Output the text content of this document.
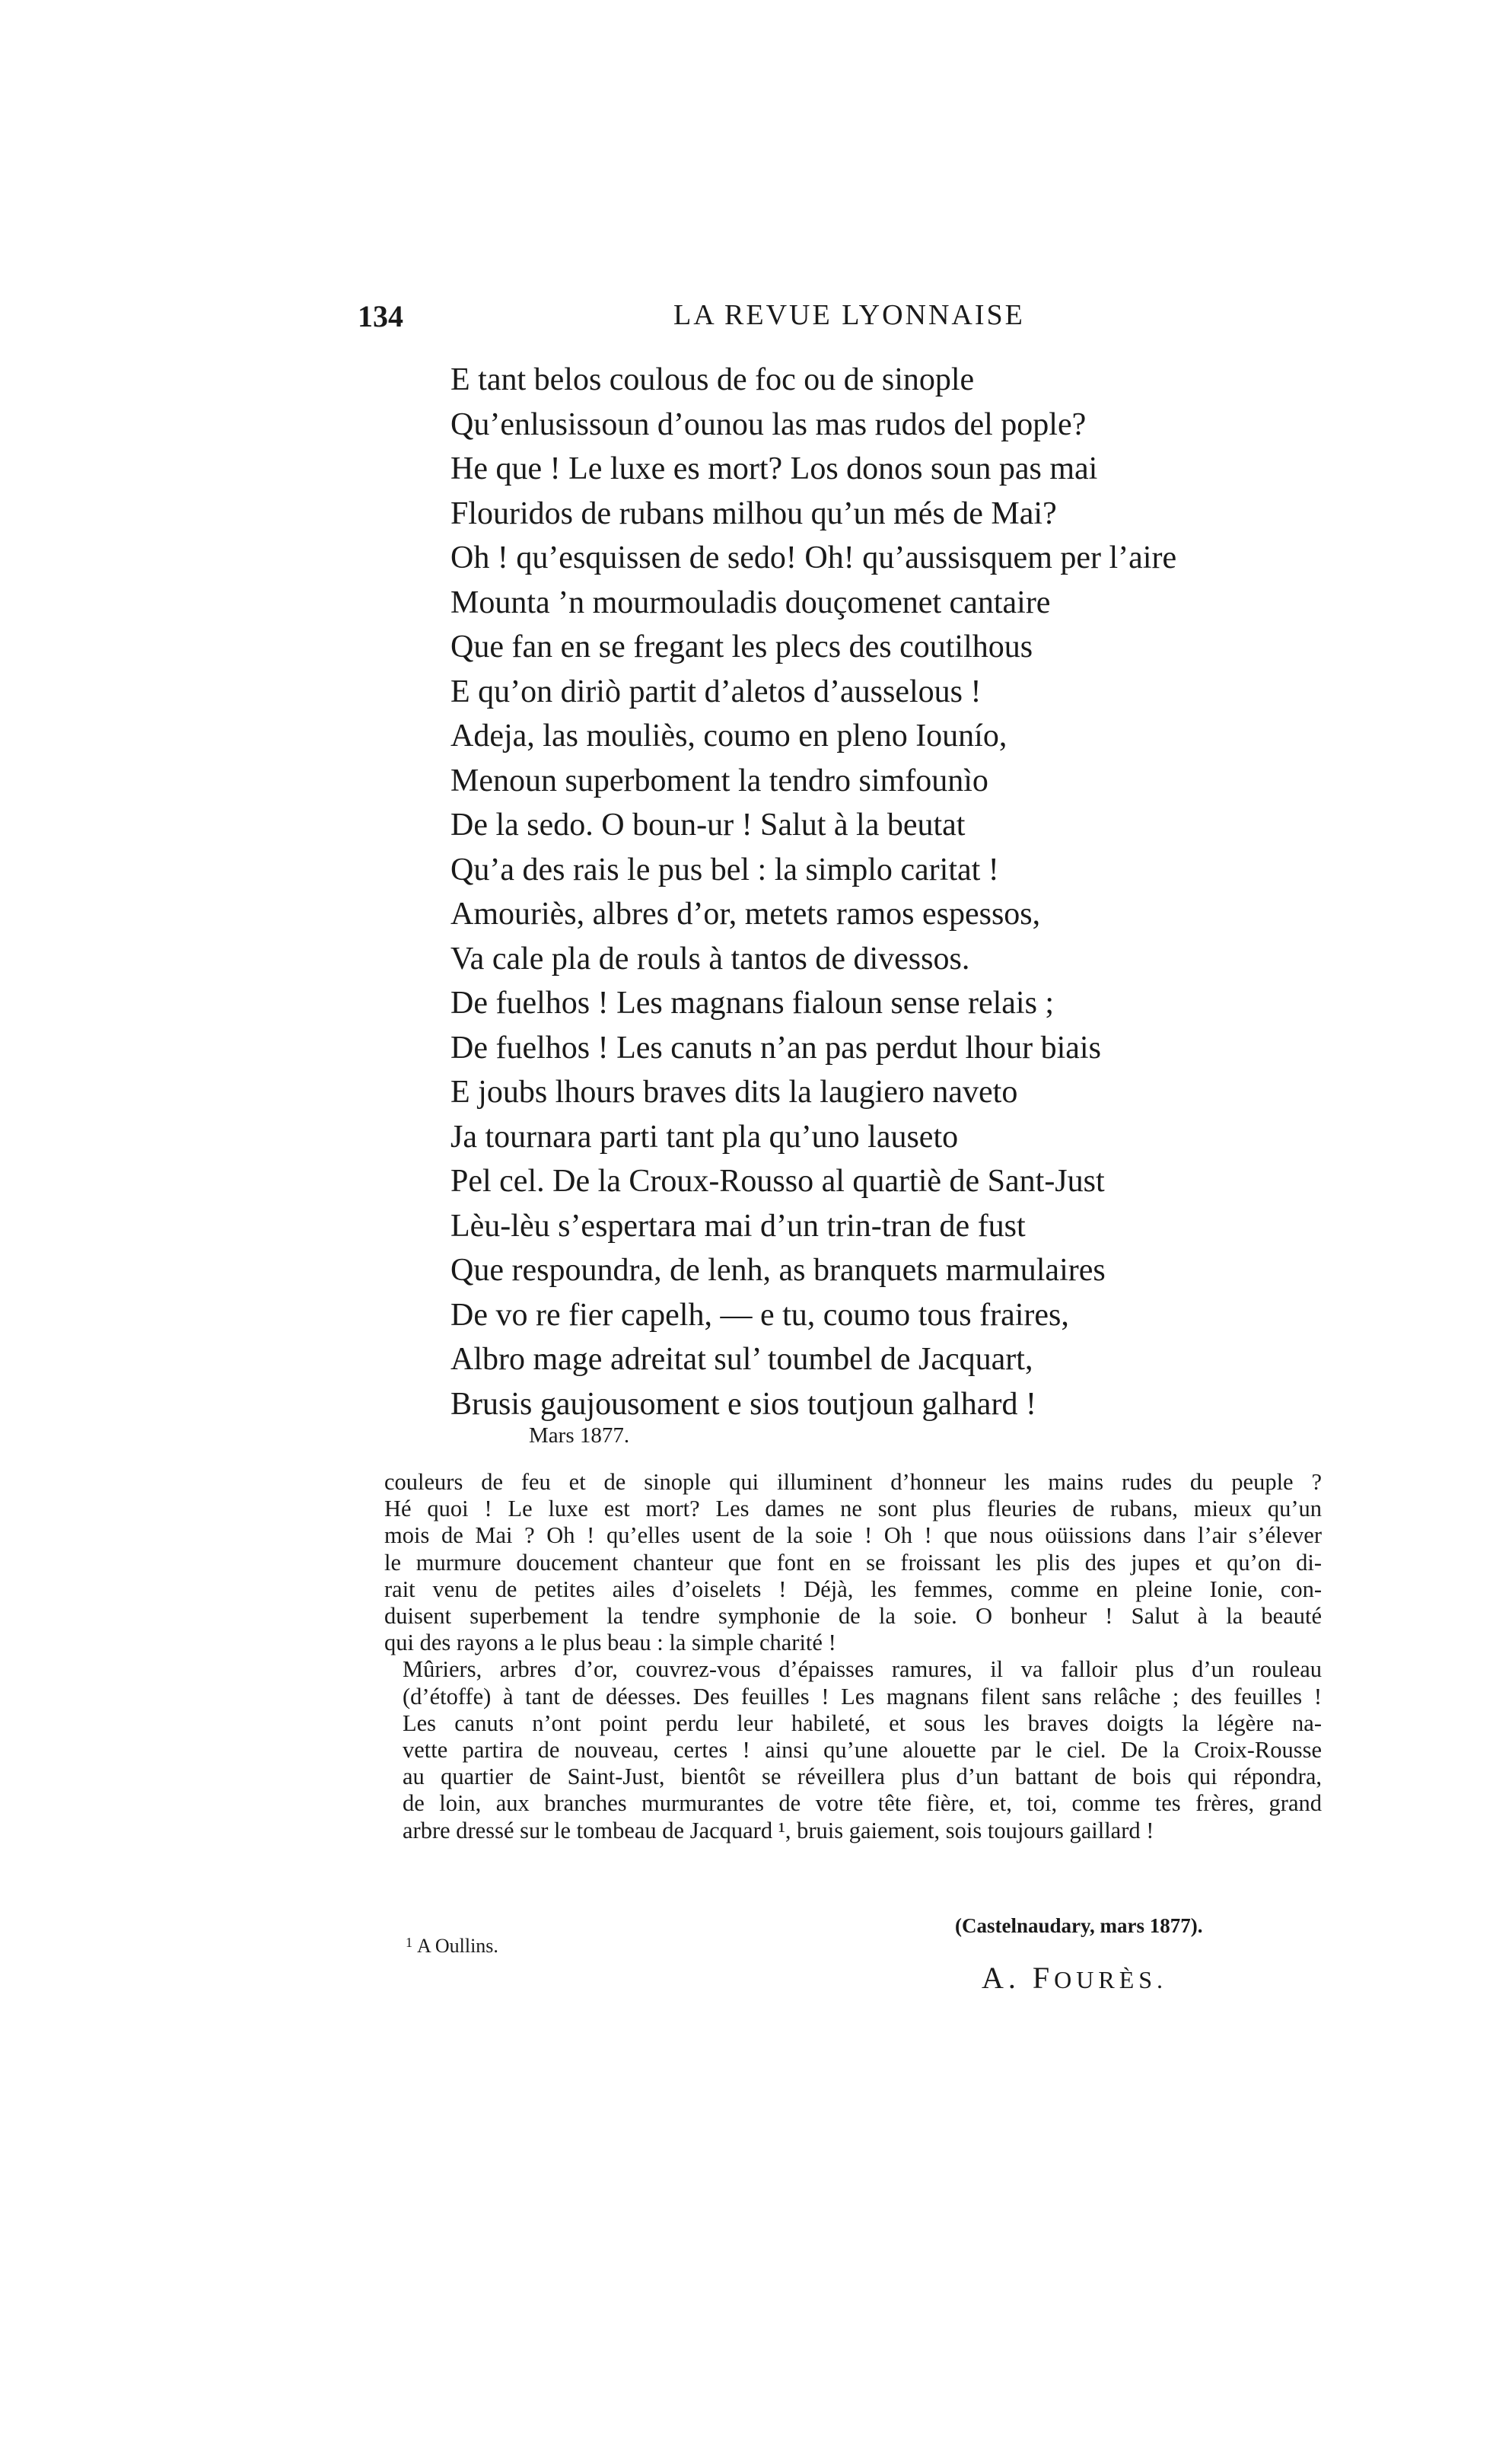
134	LA REVUE LYONNAISE
E tant belos coulous de foc ou de sinople
Qu’enlusissoun d’ounou las mas rudos del pople?
He que ! Le luxe es mort? Los donos soun pas mai
Flouridos de rubans milhou qu’un més de Mai?
Oh ! qu’esquissen de sedo! Oh! qu’aussisquem per l’aire
Mounta ’n mourmouladis douçomenet cantaire
Que fan en se fregant les plecs des coutilhous
E qu’on diriò partit d’aletos d’ausselous !
Adeja, las mouliès, coumo en pleno Iounío,
Menoun superboment la tendro simfounìo
De la sedo. O boun-ur ! Salut à la beutat
Qu’a des rais le pus bel : la simplo caritat !
Amouriès, albres d’or, metets ramos espessos,
Va cale pla de rouls à tantos de divessos.
De fuelhos ! Les magnans fialoun sense relais ;
De fuelhos ! Les canuts n’an pas perdut lhour biais
E joubs lhours braves dits la laugiero naveto
Ja tournara parti tant pla qu’uno lauseto
Pel cel. De la Croux-Rousso al quartiè de Sant-Just
Lèu-lèu s’espertara mai d’un trin-tran de fust
Que respoundra, de lenh, as branquets marmulaires
De vo re fier capelh, — e tu, coumo tous fraires,
Albro mage adreitat sul’ toumbel de Jacquart,
Brusis gaujousoment e sios toutjoun galhard !
Mars 1877.

couleurs de feu et de sinople qui illuminent d’honneur les mains rudes du peuple ?
Hé quoi ! Le luxe est mort? Les dames ne sont plus fleuries de rubans, mieux qu’un
mois de Mai ? Oh ! qu’elles usent de la soie ! Oh ! que nous oüissions dans l’air s’élever
le murmure doucement chanteur que font en se froissant les plis des jupes et qu’on di-
rait venu de petites ailes d’oiselets ! Déjà, les femmes, comme en pleine Ionie, con-
duisent superbement la tendre symphonie de la soie. O bonheur ! Salut à la beauté
qui des rayons a le plus beau : la simple charité !

Mûriers, arbres d’or, couvrez-vous d’épaisses ramures, il va falloir plus d’un rouleau
(d’étoffe) à tant de déesses. Des feuilles ! Les magnans filent sans relâche ; des feuilles !
Les canuts n’ont point perdu leur habileté, et sous les braves doigts la légère na-
vette partira de nouveau, certes ! ainsi qu’une alouette par le ciel. De la Croix-Rousse
au quartier de Saint-Just, bientôt se réveillera plus d’un battant de bois qui répondra,
de loin, aux branches murmurantes de votre tête fière, et, toi, comme tes frères, grand
arbre dressé sur le tombeau de Jacquard ¹, bruis gaiement, sois toujours gaillard !

(Castelnaudary, mars 1877).
$^1$ A Oullins.
A. FOURÈS.
